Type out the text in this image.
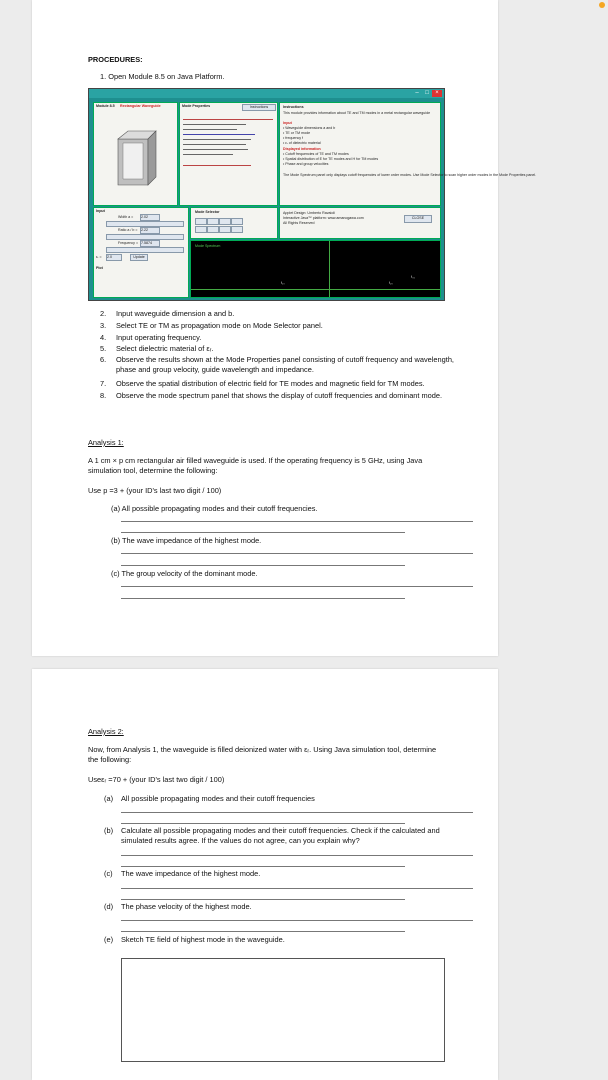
PROCEDURES:
1. Open Module 8.5 on Java Platform.
–	□	×
Module 8.5 Rectangular Waveguide	Mode Properties	Instructions	Instructions
This module provides information about TE and TM modes in a metal rectangular waveguide
Input
• Waveguide dimensions a and b
• TE or TM mode
• frequency f
• εᵣ of dielectric material
Displayed information
• Cutoff frequencies of TE and TM modes
• Spatial distribution of E for TE modes and H for TM modes
• Phase and group velocities
The Mode Spectrum panel only displays cutoff frequencies of lower order modes. Use Mode Selector to scan higher order modes in the Mode Properties panel.
Input
Width a = 2.02
Ratio a / b = 2.22
Frequency = 7.5874
εᵣ = 2.0	Update
Plot
Mode Selector	Applet Design: Umberto Ravaioli
Interactive Java™ platform: www.amanogawa.com
All Rights Reserved
CLOSE
Mode Spectrum
f₁₀	f₂₀
f₀₁
2. Input waveguide dimension a and b.
3. Select TE or TM as propagation mode on Mode Selector panel.
4. Input operating frequency.
5. Select dielectric material of εᵣ.
6. Observe the results shown at the Mode Properties panel consisting of cutoff frequency and wavelength, phase and group velocity, guide wavelength and impedance.
7. Observe the spatial distribution of electric field for TE modes and magnetic field for TM modes.
8. Observe the mode spectrum panel that shows the display of cutoff frequencies and dominant mode.
Analysis 1:
A 1 cm × p cm rectangular air filled waveguide is used. If the operating frequency is 5 GHz, using Java simulation tool, determine the following:
Use p =3 + (your ID's last two digit / 100)
(a) All possible propagating modes and their cutoff frequencies.
(b) The wave impedance of the highest mode.
(c) The group velocity of the dominant mode.
Analysis 2:
Now, from Analysis 1, the waveguide is filled deionized water with εᵣ. Using Java simulation tool, determine the following:
Useεᵣ =70 + (your ID's last two digit / 100)
(a) All possible propagating modes and their cutoff frequencies
(b) Calculate all possible propagating modes and their cutoff frequencies. Check if the calculated and simulated results agree. If the values do not agree, can you explain why?
(c) The wave impedance of the highest mode.
(d) The phase velocity of the highest mode.
(e) Sketch TE field of highest mode in the waveguide.
